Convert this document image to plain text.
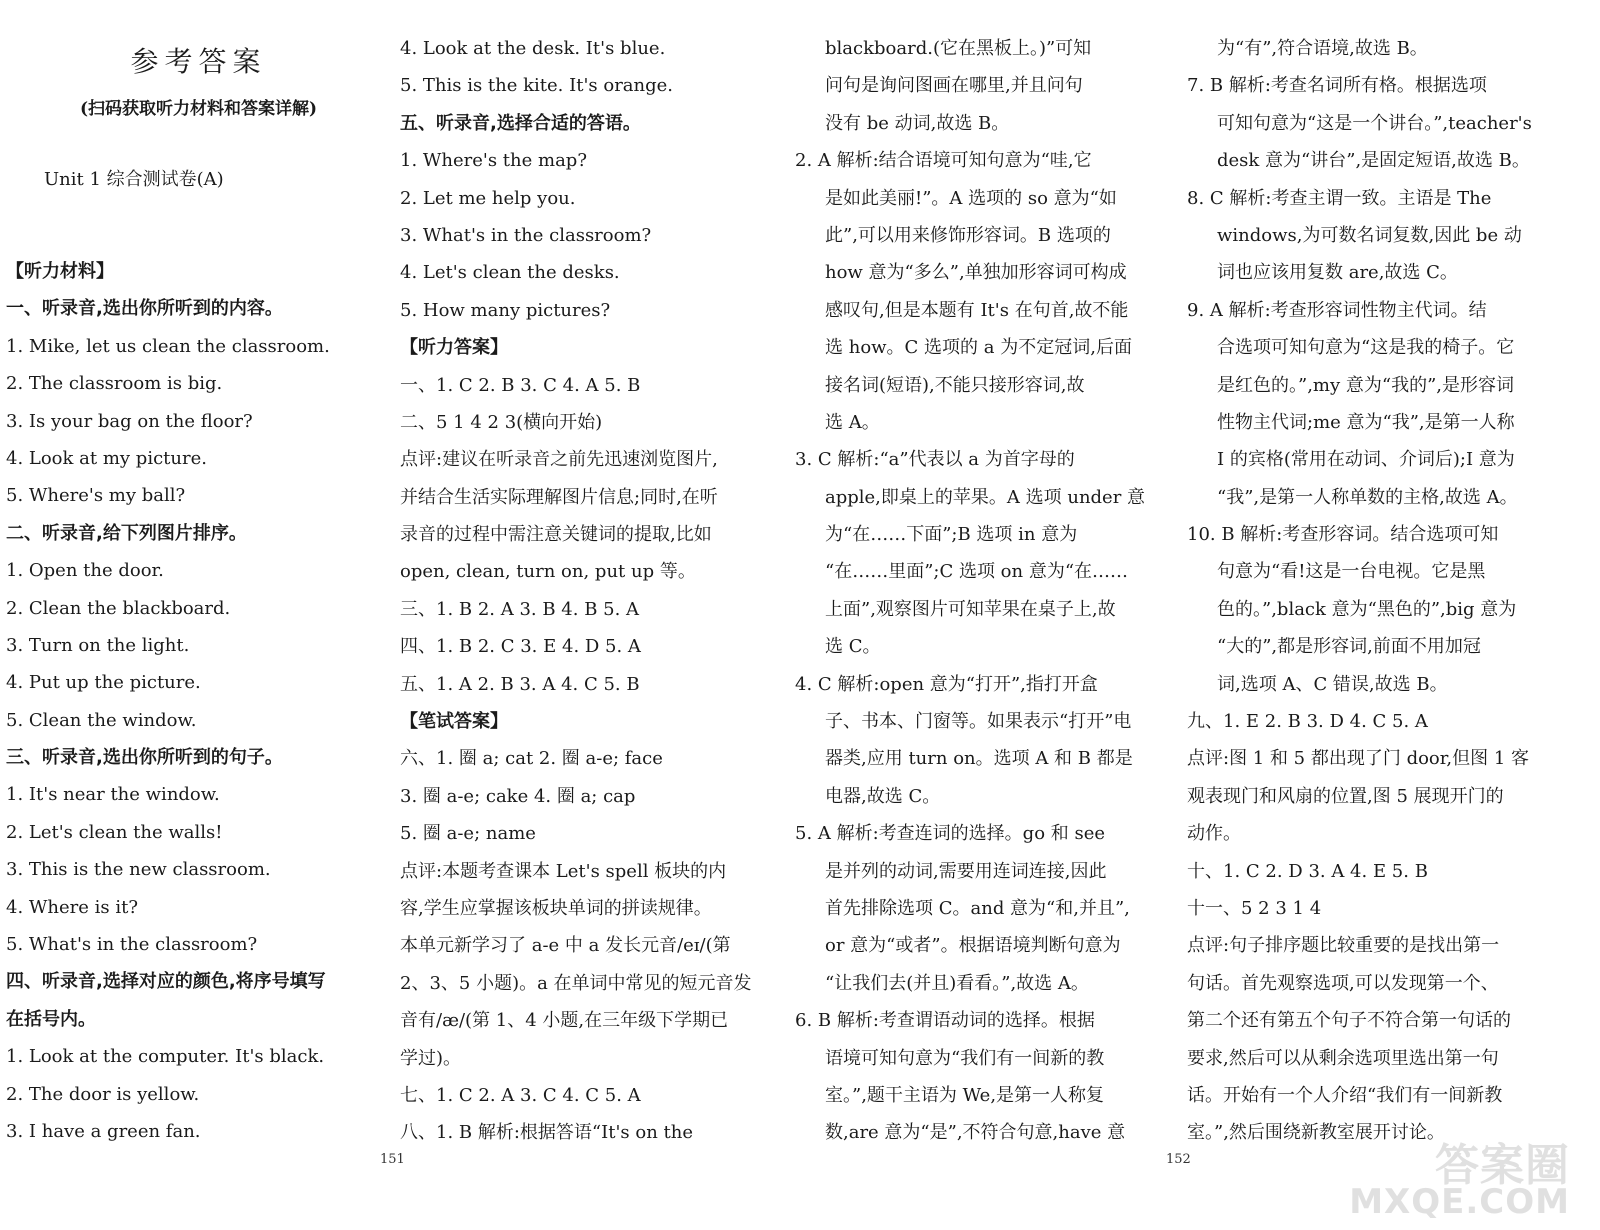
参考答案
(扫码获取听力材料和答案详解)
Unit 1 综合测试卷(A)
【听力材料】
一、听录音,选出你所听到的内容。
1. Mike, let us clean the classroom.
2. The classroom is big.
3. Is your bag on the floor?
4. Look at my picture.
5. Where's my ball?
二、听录音,给下列图片排序。
1. Open the door.
2. Clean the blackboard.
3. Turn on the light.
4. Put up the picture.
5. Clean the window.
三、听录音,选出你所听到的句子。
1. It's near the window.
2. Let's clean the walls!
3. This is the new classroom.
4. Where is it?
5. What's in the classroom?
四、听录音,选择对应的颜色,将序号填写
在括号内。
1. Look at the computer. It's black.
2. The door is yellow.
3. I have a green fan.
4. Look at the desk. It's blue.
5. This is the kite. It's orange.
五、听录音,选择合适的答语。
1. Where's the map?
2. Let me help you.
3. What's in the classroom?
4. Let's clean the desks.
5. How many pictures?
【听力答案】
一、1. C 2. B 3. C 4. A 5. B
二、5 1 4 2 3(横向开始)
点评:建议在听录音之前先迅速浏览图片,
并结合生活实际理解图片信息;同时,在听
录音的过程中需注意关键词的提取,比如
open, clean, turn on, put up 等。
三、1. B 2. A 3. B 4. B 5. A
四、1. B 2. C 3. E 4. D 5. A
五、1. A 2. B 3. A 4. C 5. B
【笔试答案】
六、1. 圈 a; cat 2. 圈 a-e; face
3. 圈 a-e; cake 4. 圈 a; cap
5. 圈 a-e; name
点评:本题考查课本 Let's spell 板块的内
容,学生应掌握该板块单词的拼读规律。
本单元新学习了 a-e 中 a 发长元音/eɪ/(第
2、3、5 小题)。a 在单词中常见的短元音发
音有/æ/(第 1、4 小题,在三年级下学期已
学过)。
七、1. C 2. A 3. C 4. C 5. A
八、1. B 解析:根据答语“It's on the
blackboard.(它在黑板上。)”可知
问句是询问图画在哪里,并且问句
没有 be 动词,故选 B。
2. A 解析:结合语境可知句意为“哇,它
是如此美丽!”。A 选项的 so 意为“如
此”,可以用来修饰形容词。B 选项的
how 意为“多么”,单独加形容词可构成
感叹句,但是本题有 It's 在句首,故不能
选 how。C 选项的 a 为不定冠词,后面
接名词(短语),不能只接形容词,故
选 A。
3. C 解析:“a”代表以 a 为首字母的
apple,即桌上的苹果。A 选项 under 意
为“在……下面”;B 选项 in 意为
“在……里面”;C 选项 on 意为“在……
上面”,观察图片可知苹果在桌子上,故
选 C。
4. C 解析:open 意为“打开”,指打开盒
子、书本、门窗等。如果表示“打开”电
器类,应用 turn on。选项 A 和 B 都是
电器,故选 C。
5. A 解析:考查连词的选择。go 和 see
是并列的动词,需要用连词连接,因此
首先排除选项 C。and 意为“和,并且”,
or 意为“或者”。根据语境判断句意为
“让我们去(并且)看看。”,故选 A。
6. B 解析:考查谓语动词的选择。根据
语境可知句意为“我们有一间新的教
室。”,题干主语为 We,是第一人称复
数,are 意为“是”,不符合句意,have 意
为“有”,符合语境,故选 B。
7. B 解析:考查名词所有格。根据选项
可知句意为“这是一个讲台。”,teacher's
desk 意为“讲台”,是固定短语,故选 B。
8. C 解析:考查主谓一致。主语是 The
windows,为可数名词复数,因此 be 动
词也应该用复数 are,故选 C。
9. A 解析:考查形容词性物主代词。结
合选项可知句意为“这是我的椅子。它
是红色的。”,my 意为“我的”,是形容词
性物主代词;me 意为“我”,是第一人称
I 的宾格(常用在动词、介词后);I 意为
“我”,是第一人称单数的主格,故选 A。
10. B 解析:考查形容词。结合选项可知
句意为“看!这是一台电视。它是黑
色的。”,black 意为“黑色的”,big 意为
“大的”,都是形容词,前面不用加冠
词,选项 A、C 错误,故选 B。
九、1. E 2. B 3. D 4. C 5. A
点评:图 1 和 5 都出现了门 door,但图 1 客
观表现门和风扇的位置,图 5 展现开门的
动作。
十、1. C 2. D 3. A 4. E 5. B
十一、5 2 3 1 4
点评:句子排序题比较重要的是找出第一
句话。首先观察选项,可以发现第一个、
第二个还有第五个句子不符合第一句话的
要求,然后可以从剩余选项里选出第一句
话。开始有一个人介绍“我们有一间新教
室。”,然后围绕新教室展开讨论。
151	152	答案圈
MXQE.COM
